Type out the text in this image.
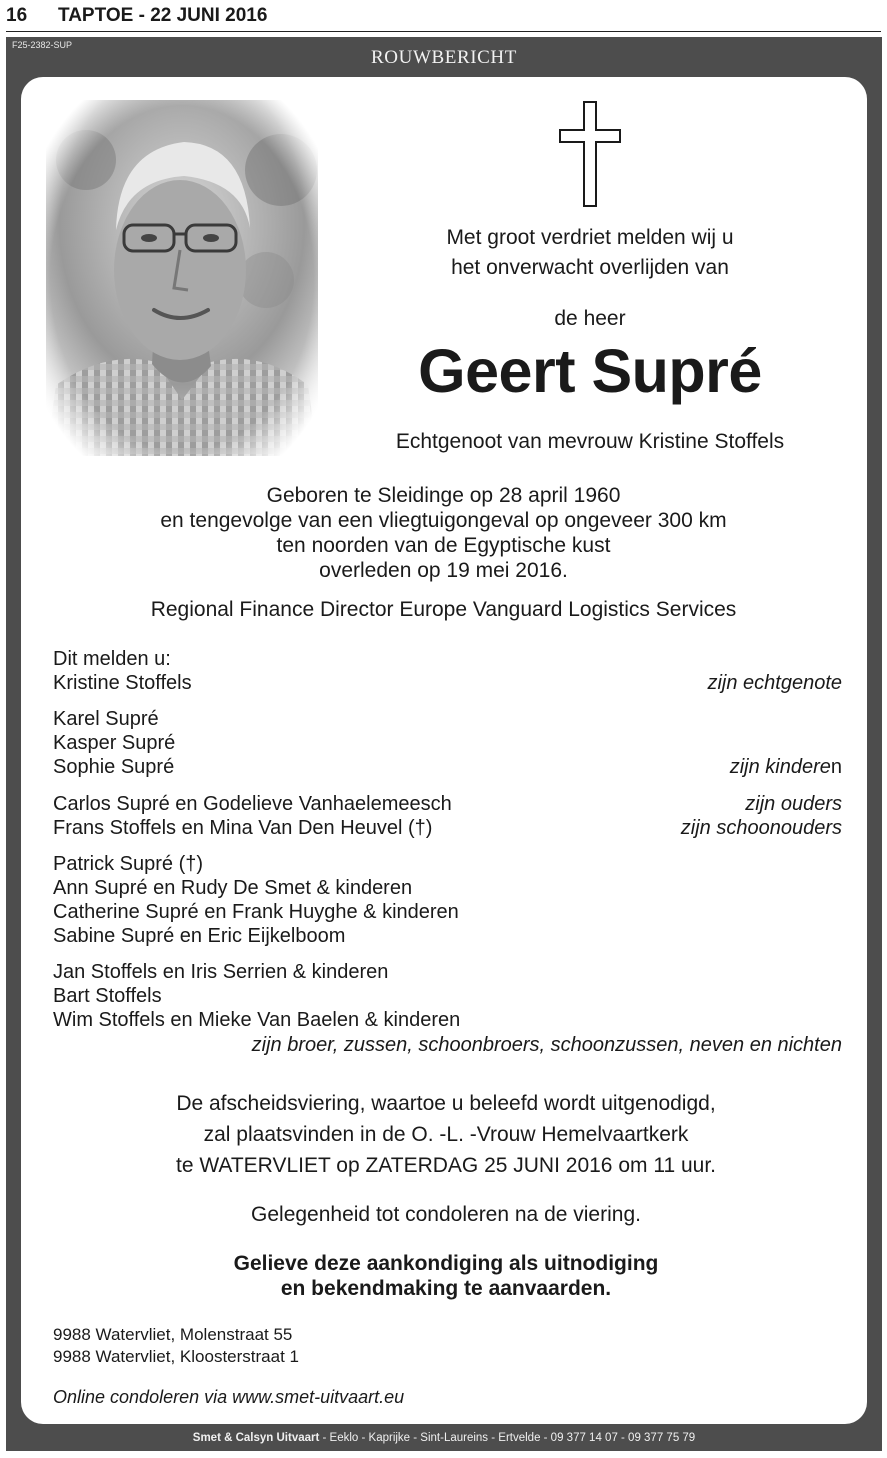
16 TAPTOE - 22 JUNI 2016
F25-2382-SUP
ROUWBERICHT
Smet & Calsyn Uitvaart - Eeklo - Kaprijke - Sint-Laureins - Ertvelde - 09 377 14 07 - 09 377 75 79
Met groot verdriet melden wij u
het onverwacht overlijden van
de heer
Geert Supré
Echtgenoot van mevrouw Kristine Stoffels
Geboren te Sleidinge op 28 april 1960
en tengevolge van een vliegtuigongeval op ongeveer 300 km
ten noorden van de Egyptische kust
overleden op 19 mei 2016.
Regional Finance Director Europe Vanguard Logistics Services
Dit melden u:
Kristine Stoffels	zijn echtgenote
Karel Supré
Kasper Supré
Sophie Supré	zijn kinderen
Carlos Supré en Godelieve Vanhaelemeesch	zijn ouders
Frans Stoffels en Mina Van Den Heuvel (†)	zijn schoonouders
Patrick Supré (†)
Ann Supré en Rudy De Smet & kinderen
Catherine Supré en Frank Huyghe & kinderen
Sabine Supré en Eric Eijkelboom
Jan Stoffels en Iris Serrien & kinderen
Bart Stoffels
Wim Stoffels en Mieke Van Baelen & kinderen
zijn broer, zussen, schoonbroers, schoonzussen, neven en nichten
De afscheidsviering, waartoe u beleefd wordt uitgenodigd,
zal plaatsvinden in de O. -L. -Vrouw Hemelvaartkerk
te WATERVLIET op ZATERDAG 25 JUNI 2016 om 11 uur.
Gelegenheid tot condoleren na de viering.
Gelieve deze aankondiging als uitnodiging
en bekendmaking te aanvaarden.
9988 Watervliet, Molenstraat 55
9988 Watervliet, Kloosterstraat 1
Online condoleren via www.smet-uitvaart.eu
